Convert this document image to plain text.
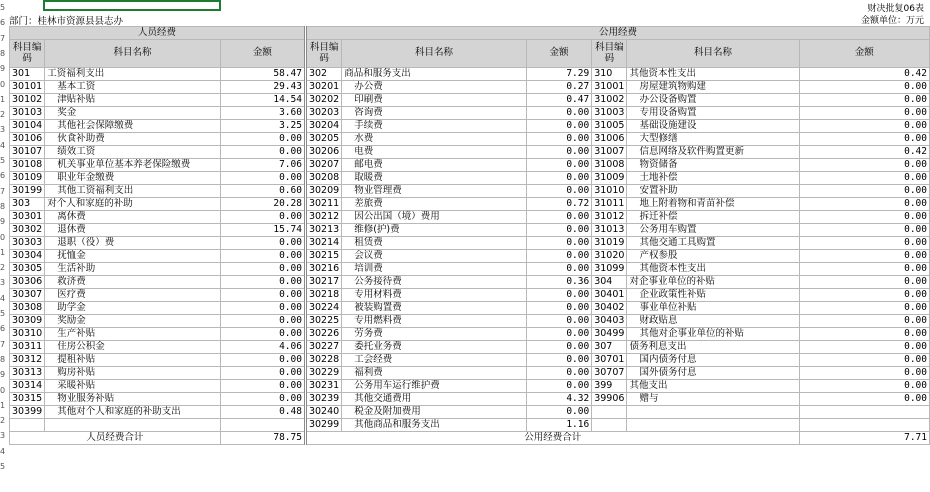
财决批复06表
部门：桂林市资源县县志办	金额单位：万元
5
6
7
8
9
0
1
2
3
4
5
6
7
8
9
0
1
2
3
4
5
6
7
8
9
0
1
2
3
4
5
人员经费			公用经费					
科目编码	科目名称	金额	科目编码	科目名称	金额	科目编码	科目名称	金额
301	工资福利支出	58.47	302	商品和服务支出	7.29	310	其他资本性支出	0.42
30101	基本工资	29.43	30201	办公费	0.27	31001	房屋建筑物购建	0.00
30102	津贴补贴	14.54	30202	印刷费	0.47	31002	办公设备购置	0.00
30103	奖金	3.60	30203	咨询费	0.00	31003	专用设备购置	0.00
30104	其他社会保障缴费	3.25	30204	手续费	0.00	31005	基础设施建设	0.00
30106	伙食补助费	0.00	30205	水费	0.00	31006	大型修缮	0.00
30107	绩效工资	0.00	30206	电费	0.00	31007	信息网络及软件购置更新	0.42
30108	机关事业单位基本养老保险缴费	7.06	30207	邮电费	0.00	31008	物资储备	0.00
30109	职业年金缴费	0.00	30208	取暖费	0.00	31009	土地补偿	0.00
30199	其他工资福利支出	0.60	30209	物业管理费	0.00	31010	安置补助	0.00
303	对个人和家庭的补助	20.28	30211	差旅费	0.72	31011	地上附着物和青苗补偿	0.00
30301	离休费	0.00	30212	因公出国（境）费用	0.00	31012	拆迁补偿	0.00
30302	退休费	15.74	30213	维修(护)费	0.00	31013	公务用车购置	0.00
30303	退职（役）费	0.00	30214	租赁费	0.00	31019	其他交通工具购置	0.00
30304	抚恤金	0.00	30215	会议费	0.00	31020	产权参股	0.00
30305	生活补助	0.00	30216	培训费	0.00	31099	其他资本性支出	0.00
30306	救济费	0.00	30217	公务接待费	0.36	304	对企事业单位的补贴	0.00
30307	医疗费	0.00	30218	专用材料费	0.00	30401	企业政策性补贴	0.00
30308	助学金	0.00	30224	被装购置费	0.00	30402	事业单位补贴	0.00
30309	奖励金	0.00	30225	专用燃料费	0.00	30403	财政贴息	0.00
30310	生产补贴	0.00	30226	劳务费	0.00	30499	其他对企事业单位的补贴	0.00
30311	住房公积金	4.06	30227	委托业务费	0.00	307	债务利息支出	0.00
30312	提租补贴	0.00	30228	工会经费	0.00	30701	国内债务付息	0.00
30313	购房补贴	0.00	30229	福利费	0.00	30707	国外债务付息	0.00
30314	采暖补贴	0.00	30231	公务用车运行维护费	0.00	399	其他支出	0.00
30315	物业服务补贴	0.00	30239	其他交通费用	4.32	39906	赠与	0.00
30399	其他对个人和家庭的补助支出	0.48	30240	税金及附加费用	0.00			
			30299	其他商品和服务支出	1.16			
人员经费合计		78.75	公用经费合计					7.71
